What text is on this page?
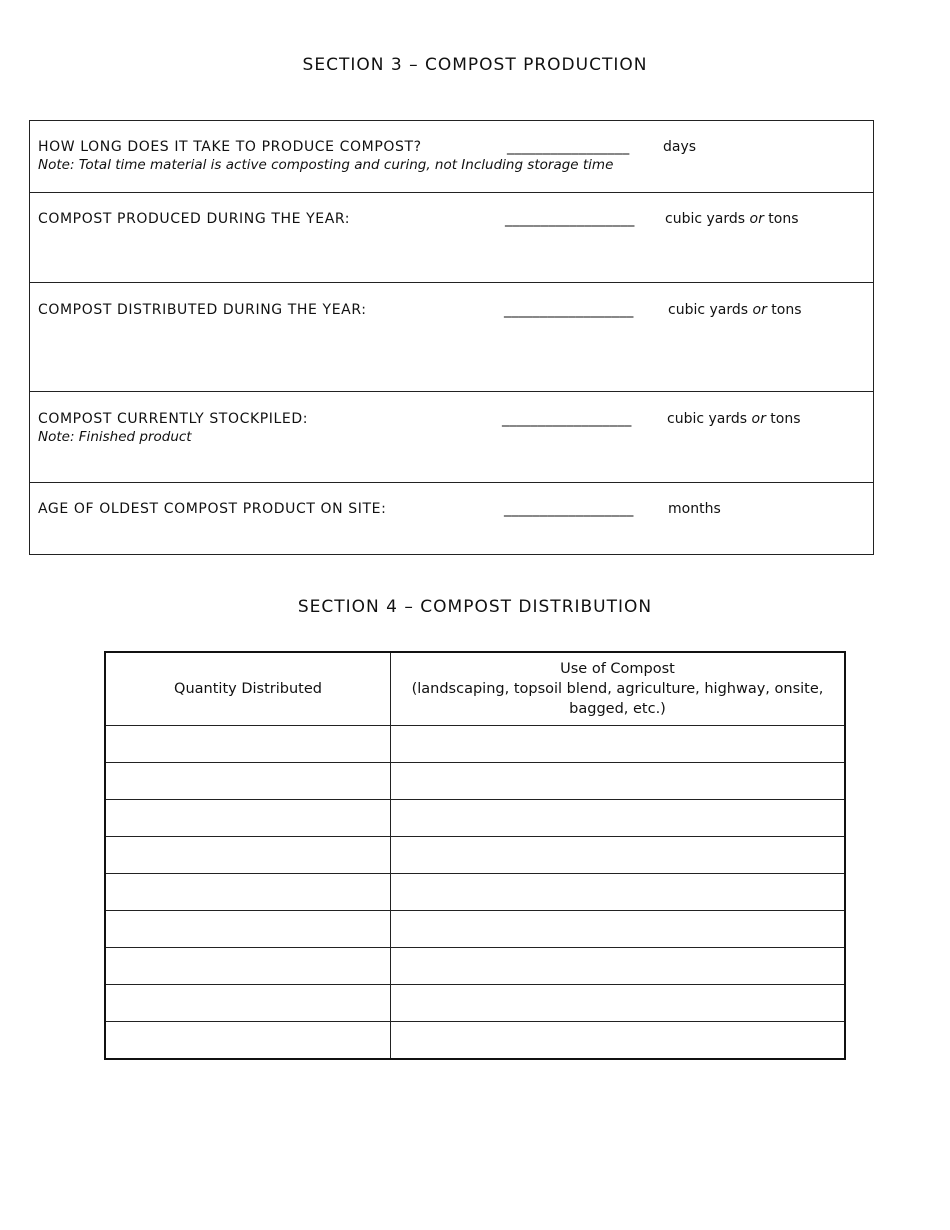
SECTION 3 – COMPOST PRODUCTION
HOW LONG DOES IT TAKE TO PRODUCE COMPOST?
Note: Total time material is active composting and curing, not Including storage time
_________________ days
COMPOST PRODUCED DURING THE YEAR:	__________________ cubic yards or tons
COMPOST DISTRIBUTED DURING THE YEAR:	__________________ cubic yards or tons
COMPOST CURRENTLY STOCKPILED:
Note: Finished product
__________________	cubic yards or tons
AGE OF OLDEST COMPOST PRODUCT ON SITE:	__________________ months
SECTION 4 – COMPOST DISTRIBUTION
Quantity Distributed	Use of Compost
(landscaping, topsoil blend, agriculture, highway, onsite, bagged, etc.)
